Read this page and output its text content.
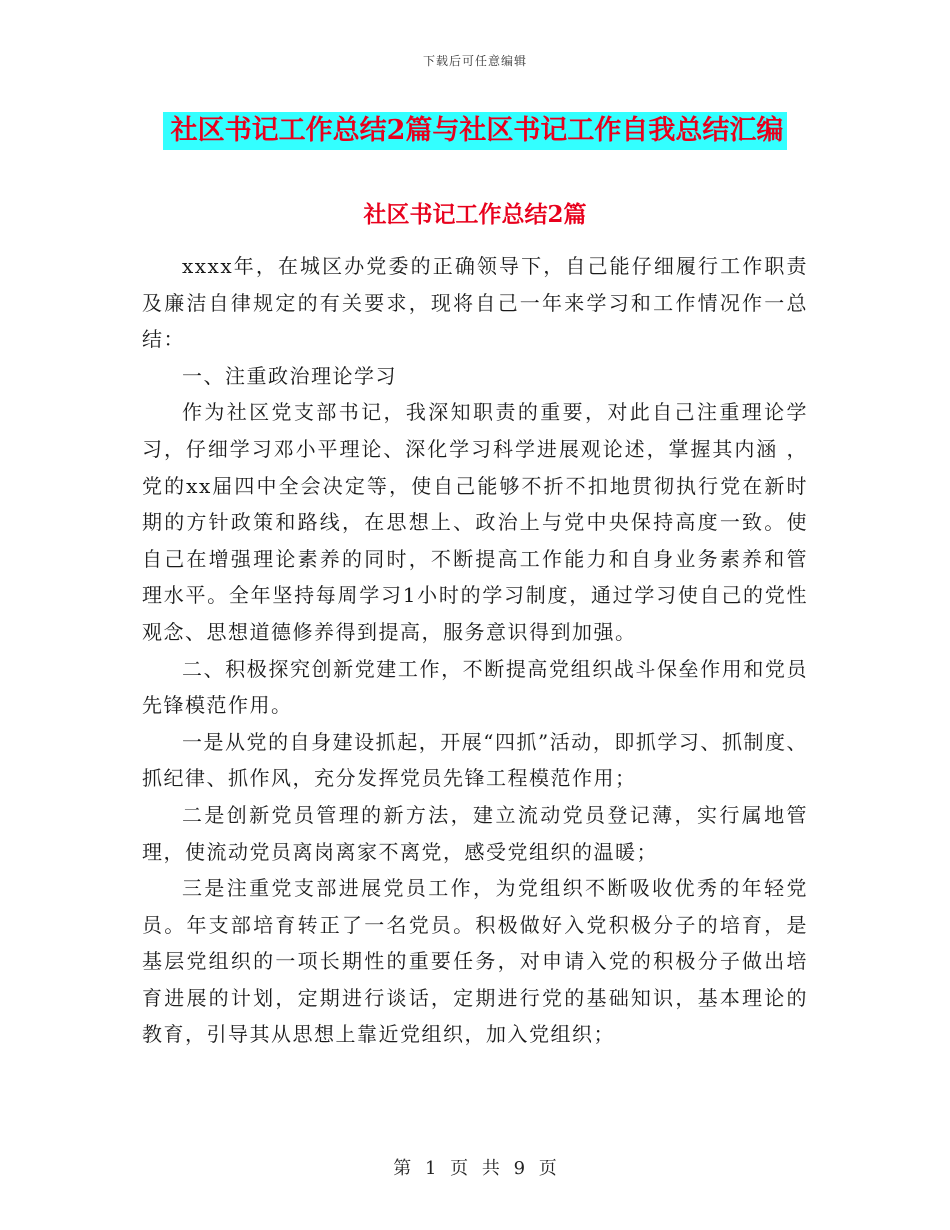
下载后可任意编辑
社区书记工作总结2篇与社区书记工作自我总结汇编
社区书记工作总结2篇

xxxx年，在城区办党委的正确领导下，自己能仔细履行工作职责及廉洁自律规定的有关要求，现将自己一年来学习和工作情况作一总结：

一、注重政治理论学习

作为社区党支部书记，我深知职责的重要，对此自己注重理论学习，仔细学习邓小平理论、深化学习科学进展观论述，掌握其内涵 ，党的xx届四中全会决定等，使自己能够不折不扣地贯彻执行党在新时期的方针政策和路线，在思想上、政治上与党中央保持高度一致。使自己在增强理论素养的同时，不断提高工作能力和自身业务素养和管理水平。全年坚持每周学习1小时的学习制度，通过学习使自己的党性观念、思想道德修养得到提高，服务意识得到加强。

二、积极探究创新党建工作，不断提高党组织战斗保垒作用和党员先锋模范作用。

一是从党的自身建设抓起，开展“四抓”活动，即抓学习、抓制度、抓纪律、抓作风，充分发挥党员先锋工程模范作用；

二是创新党员管理的新方法，建立流动党员登记薄，实行属地管理，使流动党员离岗离家不离党，感受党组织的温暖；

三是注重党支部进展党员工作，为党组织不断吸收优秀的年轻党员。年支部培育转正了一名党员。积极做好入党积极分子的培育，是基层党组织的一项长期性的重要任务，对申请入党的积极分子做出培育进展的计划，定期进行谈话，定期进行党的基础知识，基本理论的教育，引导其从思想上靠近党组织，加入党组织；

第 1 页 共 9 页
